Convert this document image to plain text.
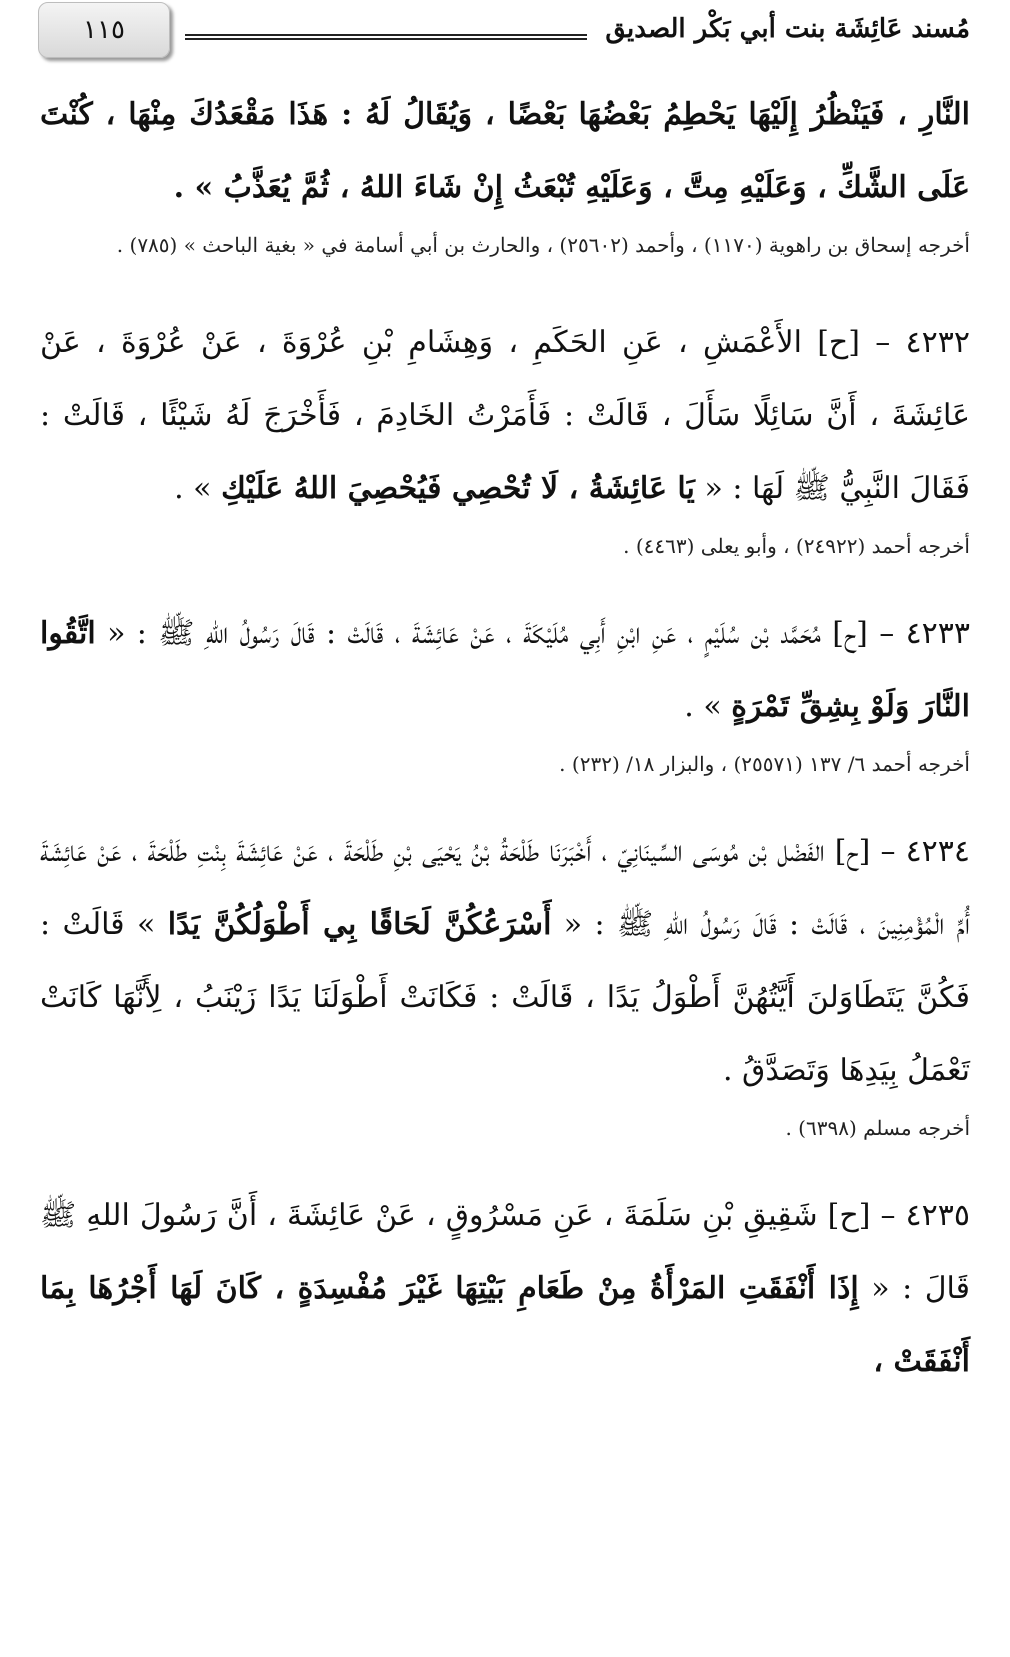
مُسند عَائِشَة بنت أبي بَكْر الصديق
١١٥

النَّارِ ، فَيَنْظُرُ إِلَيْهَا يَحْطِمُ بَعْضُهَا بَعْضًا ، وَيُقَالُ لَهُ : هَذَا مَقْعَدُكَ مِنْهَا ، كُنْتَ عَلَى الشَّكِّ ، وَعَلَيْهِ مِتَّ ، وَعَلَيْهِ تُبْعَثُ إِنْ شَاءَ اللهُ ، ثُمَّ يُعَذَّبُ » .

أخرجه إسحاق بن راهوية (١١٧٠) ، وأحمد (٢٥٦٠٢) ، والحارث بن أبي أسامة في « بغية الباحث » (٧٨٥) .

٤٢٣٢ – [ح] الأَعْمَشِ ، عَنِ الحَكَمِ ، وَهِشَامِ بْنِ عُرْوَةَ ، عَنْ عُرْوَةَ ، عَنْ عَائِشَةَ ، أَنَّ سَائِلًا سَأَلَ ، قَالَتْ : فَأَمَرْتُ الخَادِمَ ، فَأَخْرَجَ لَهُ شَيْئًا ، قَالَتْ : فَقَالَ النَّبِيُّ ﷺ لَهَا : « يَا عَائِشَةُ ، لَا تُحْصِي فَيُحْصِيَ اللهُ عَلَيْكِ » .

أخرجه أحمد (٢٤٩٢٢) ، وأبو يعلى (٤٤٦٣) .

٤٢٣٣ – [ح] مُحَمَّد بْن سُلَيْمٍ ، عَنِ ابْنِ أَبِي مُلَيْكَةَ ، عَنْ عَائِشَةَ ، قَالَتْ : قَالَ رَسُولُ اللهِ ﷺ : « اتَّقُوا النَّارَ وَلَوْ بِشِقِّ تَمْرَةٍ » .

أخرجه أحمد ٦/ ١٣٧ (٢٥٥٧١) ، والبزار ١٨/ (٢٣٢) .

٤٢٣٤ – [ح] الفَضْل بْن مُوسَى السِّينَانِيّ ، أَخْبَرَنَا طَلْحَةُ بْنُ يَحْيَى بْنِ طَلْحَةَ ، عَنْ عَائِشَةَ بِنْتِ طَلْحَةَ ، عَنْ عَائِشَةَ أُمِّ الْمُؤْمِنِينَ ، قَالَتْ : قَالَ رَسُولُ اللهِ ﷺ : « أَسْرَعُكُنَّ لَحَاقًا بِي أَطْوَلُكُنَّ يَدًا » قَالَتْ : فَكُنَّ يَتَطَاوَلنَ أَيَّتُهُنَّ أَطْوَلُ يَدًا ، قَالَتْ : فَكَانَتْ أَطْوَلَنَا يَدًا زَيْنَبُ ، لِأَنَّهَا كَانَتْ تَعْمَلُ بِيَدِهَا وَتَصَدَّقُ .

أخرجه مسلم (٦٣٩٨) .

٤٢٣٥ – [ح] شَقِيقِ بْنِ سَلَمَةَ ، عَنِ مَسْرُوقٍ ، عَنْ عَائِشَةَ ، أَنَّ رَسُولَ اللهِ ﷺ قَالَ : « إِذَا أَنْفَقَتِ المَرْأَةُ مِنْ طَعَامِ بَيْتِهَا غَيْرَ مُفْسِدَةٍ ، كَانَ لَهَا أَجْرُهَا بِمَا أَنْفَقَتْ ،
